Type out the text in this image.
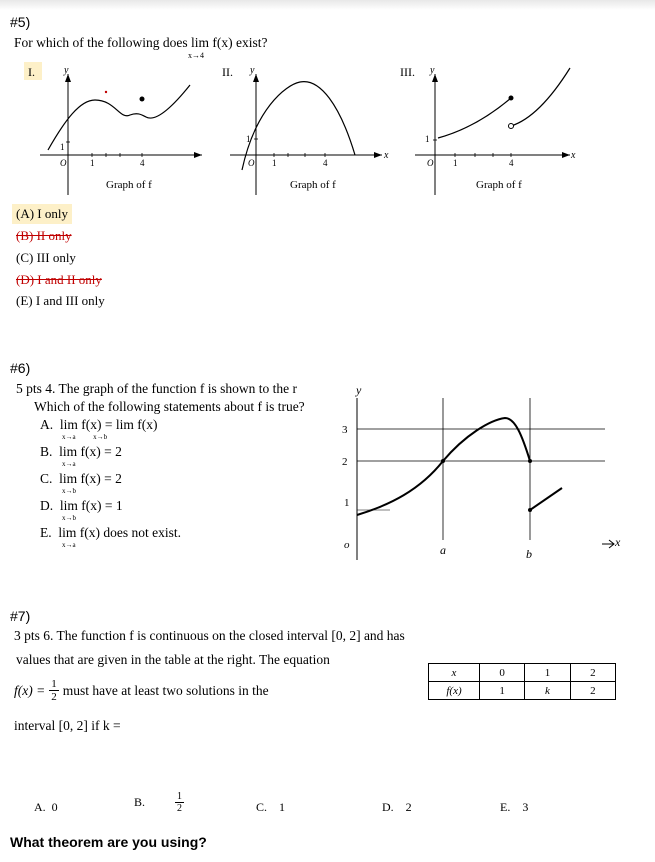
#5)
For which of the following does lim f(x) exist?
x→4
I.	y
1
O	1	4
Graph of f
II. y
x
1
O 1	4
Graph of f
III. y
x
1
O 1	4
Graph of f
(A) I only
(B) II only
(C) III only
(D) I and II only
(E) I and III only
#6)
5 pts 4. The graph of the function f is shown to the r
Which of the following statements about f is true?
A. lim f(x) = lim f(x)
x→a          x→b
B. lim f(x) = 2
x→a
C. lim f(x) = 2
x→b
D. lim f(x) = 1
x→b
E. lim f(x) does not exist.
x→a
y
3
2
1
o	a	b
x
#7)
3 pts 6. The function f is continuous on the closed interval [0, 2] and has
values that are given in the table at the right. The equation
$f(x) = \frac{1}{2}$ must have at least two solutions in the
interval [0, 2] if k =
x	0	1	2
f(x)	1	k	2
A. 0	B.	$\frac{1}{2}$	C. 1	D. 2	E. 3
What theorem are you using?
